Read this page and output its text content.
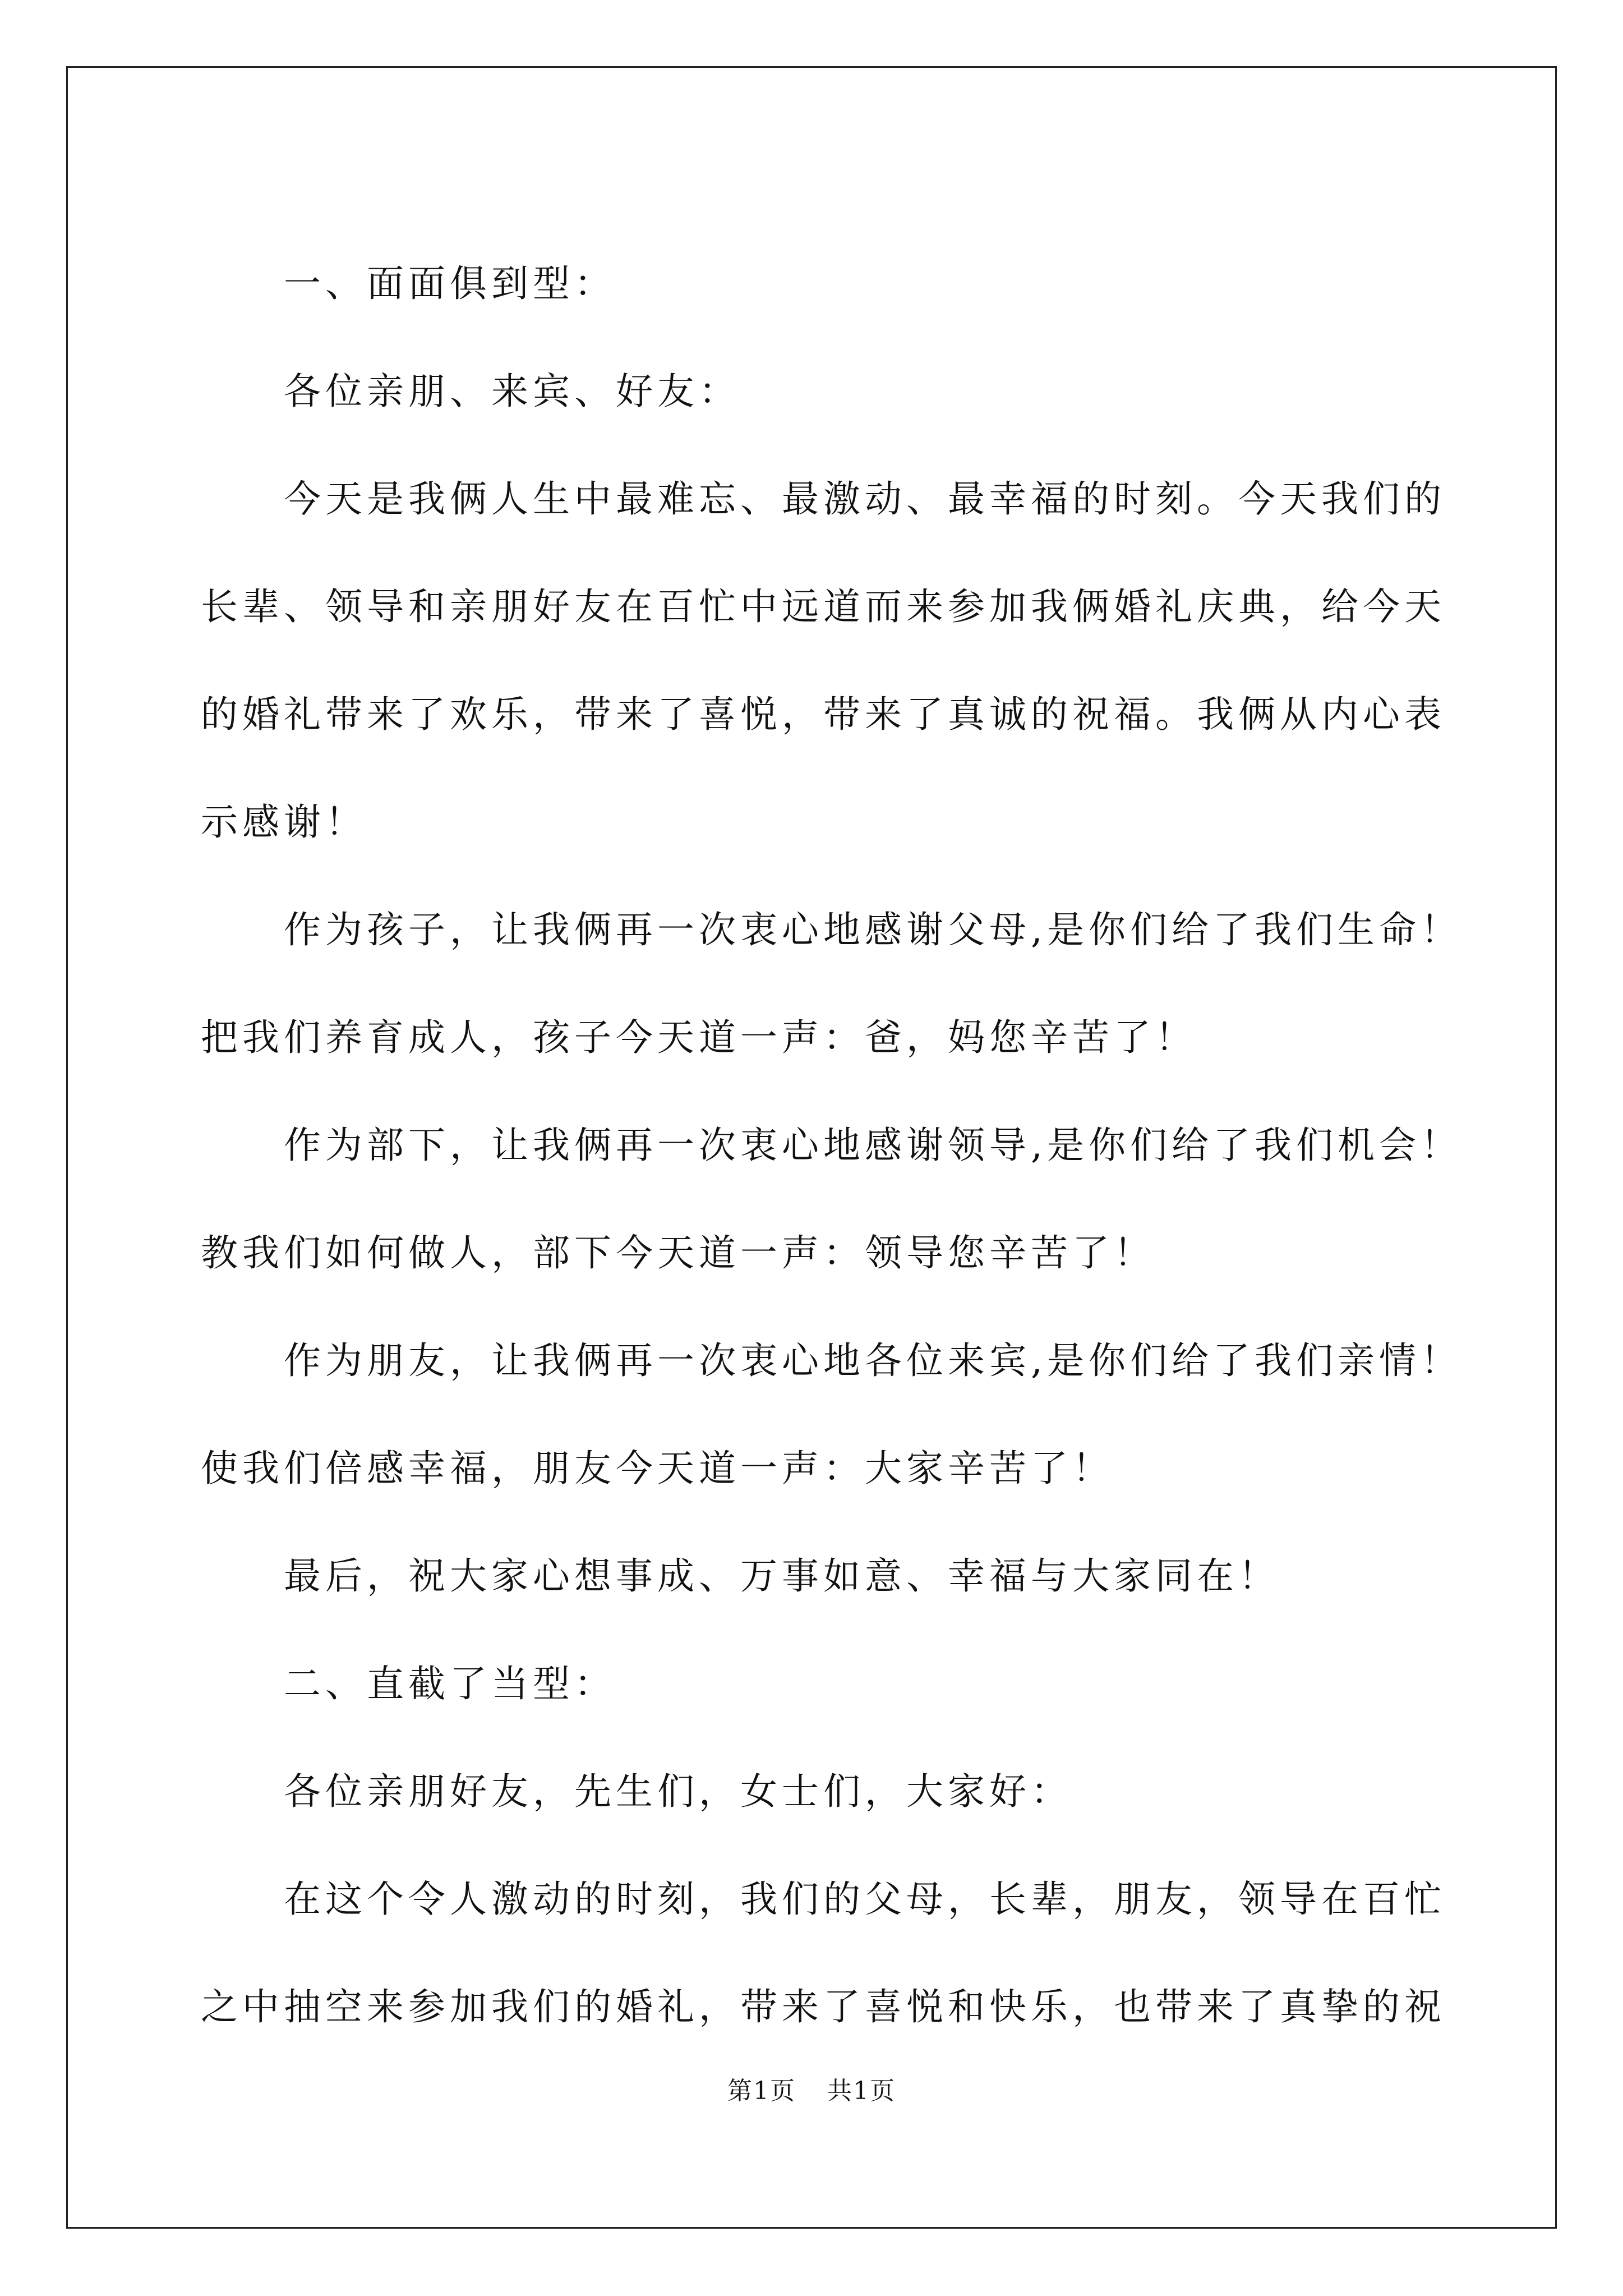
一、面面俱到型：
各位亲朋、来宾、好友：
今天是我俩人生中最难忘、最激动、最幸福的时刻。今天我们的
长辈、领导和亲朋好友在百忙中远道而来参加我俩婚礼庆典，给今天
的婚礼带来了欢乐，带来了喜悦，带来了真诚的祝福。我俩从内心表
示感谢！
作为孩子，让我俩再一次衷心地感谢父母,是你们给了我们生命！
把我们养育成人，孩子今天道一声：爸，妈您辛苦了！
作为部下，让我俩再一次衷心地感谢领导,是你们给了我们机会！
教我们如何做人，部下今天道一声：领导您辛苦了！
作为朋友，让我俩再一次衷心地各位来宾,是你们给了我们亲情！
使我们倍感幸福，朋友今天道一声：大家辛苦了！
最后，祝大家心想事成、万事如意、幸福与大家同在！
二、直截了当型：
各位亲朋好友，先生们，女士们，大家好：
在这个令人激动的时刻，我们的父母，长辈，朋友，领导在百忙
之中抽空来参加我们的婚礼，带来了喜悦和快乐，也带来了真挚的祝
第1页 共1页
